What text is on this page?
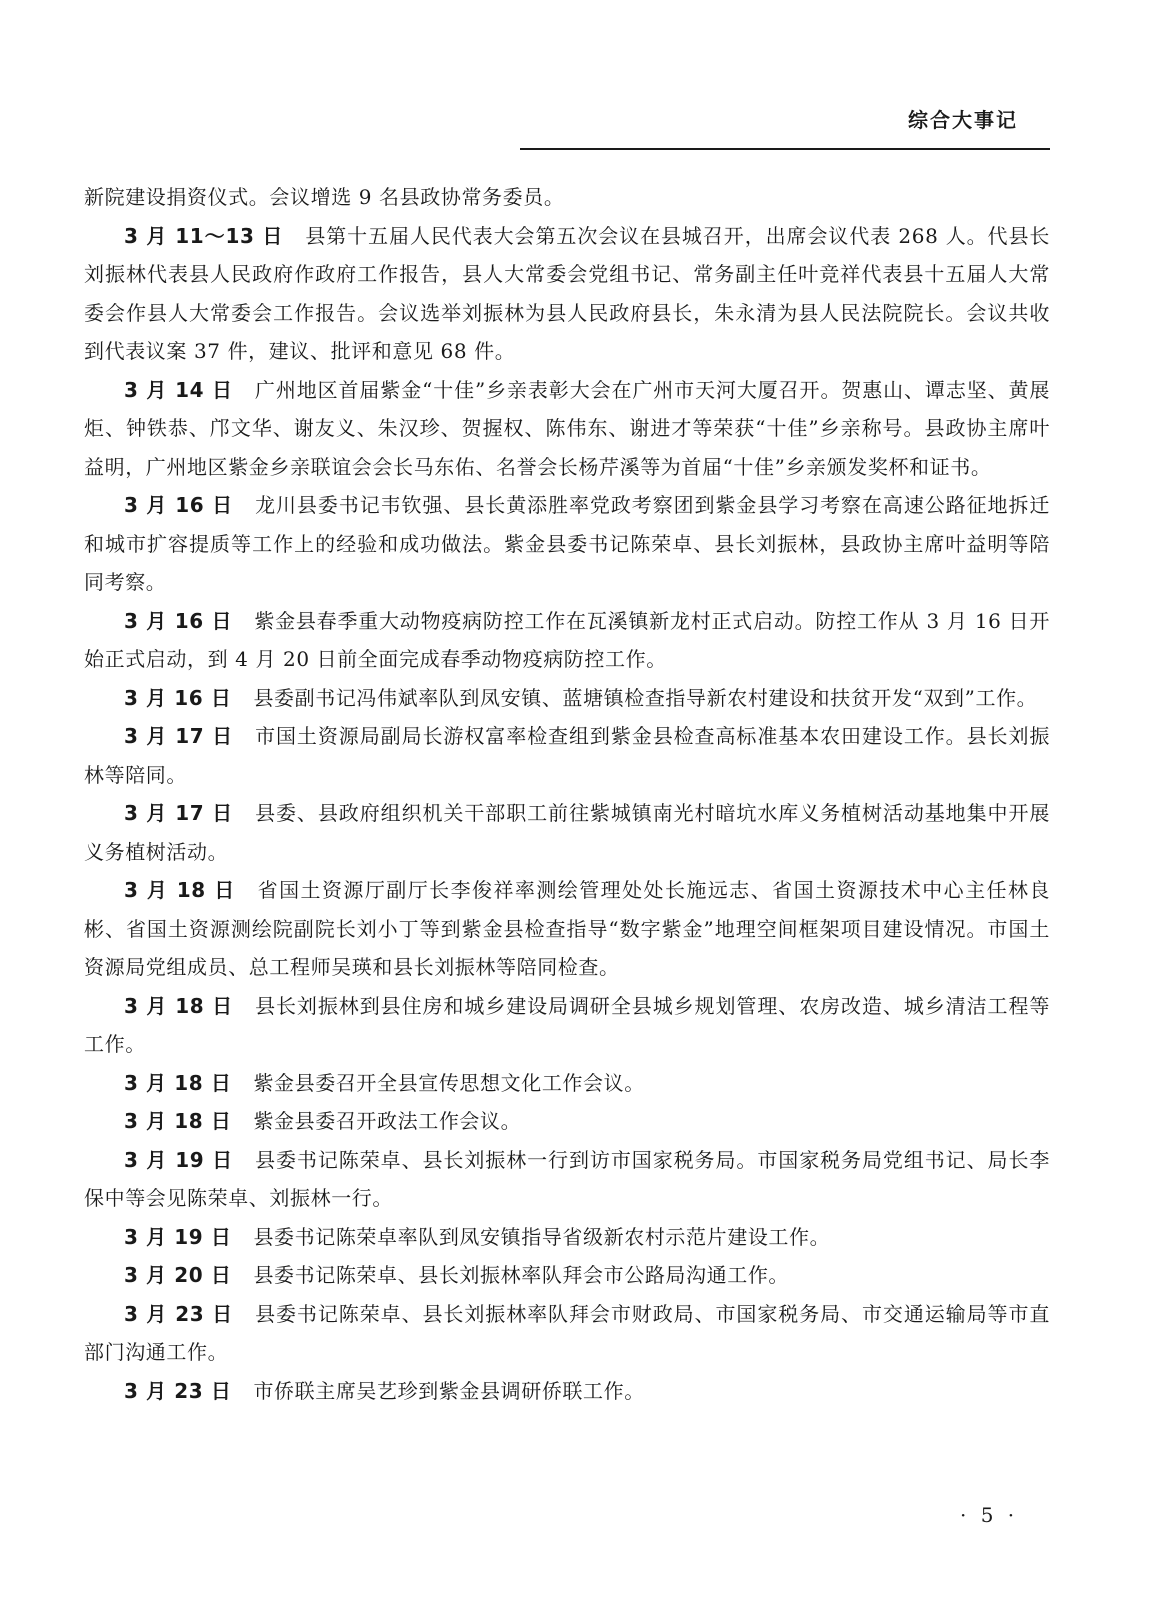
综合大事记

新院建设捐资仪式。会议增选 9 名县政协常务委员。

3 月 11～13 日 县第十五届人民代表大会第五次会议在县城召开，出席会议代表 268 人。代县长刘振林代表县人民政府作政府工作报告，县人大常委会党组书记、常务副主任叶竞祥代表县十五届人大常委会作县人大常委会工作报告。会议选举刘振林为县人民政府县长，朱永清为县人民法院院长。会议共收到代表议案 37 件，建议、批评和意见 68 件。

3 月 14 日 广州地区首届紫金“十佳”乡亲表彰大会在广州市天河大厦召开。贺惠山、谭志坚、黄展炬、钟铁恭、邝文华、谢友义、朱汉珍、贺握权、陈伟东、谢进才等荣获“十佳”乡亲称号。县政协主席叶益明，广州地区紫金乡亲联谊会会长马东佑、名誉会长杨芹溪等为首届“十佳”乡亲颁发奖杯和证书。

3 月 16 日 龙川县委书记韦钦强、县长黄添胜率党政考察团到紫金县学习考察在高速公路征地拆迁和城市扩容提质等工作上的经验和成功做法。紫金县委书记陈荣卓、县长刘振林，县政协主席叶益明等陪同考察。

3 月 16 日 紫金县春季重大动物疫病防控工作在瓦溪镇新龙村正式启动。防控工作从 3 月 16 日开始正式启动，到 4 月 20 日前全面完成春季动物疫病防控工作。

3 月 16 日 县委副书记冯伟斌率队到凤安镇、蓝塘镇检查指导新农村建设和扶贫开发“双到”工作。

3 月 17 日 市国土资源局副局长游权富率检查组到紫金县检查高标准基本农田建设工作。县长刘振林等陪同。

3 月 17 日 县委、县政府组织机关干部职工前往紫城镇南光村暗坑水库义务植树活动基地集中开展义务植树活动。

3 月 18 日 省国土资源厅副厅长李俊祥率测绘管理处处长施远志、省国土资源技术中心主任林良彬、省国土资源测绘院副院长刘小丁等到紫金县检查指导“数字紫金”地理空间框架项目建设情况。市国土资源局党组成员、总工程师吴瑛和县长刘振林等陪同检查。

3 月 18 日 县长刘振林到县住房和城乡建设局调研全县城乡规划管理、农房改造、城乡清洁工程等工作。

3 月 18 日 紫金县委召开全县宣传思想文化工作会议。

3 月 18 日 紫金县委召开政法工作会议。

3 月 19 日 县委书记陈荣卓、县长刘振林一行到访市国家税务局。市国家税务局党组书记、局长李保中等会见陈荣卓、刘振林一行。

3 月 19 日 县委书记陈荣卓率队到凤安镇指导省级新农村示范片建设工作。

3 月 20 日 县委书记陈荣卓、县长刘振林率队拜会市公路局沟通工作。

3 月 23 日 县委书记陈荣卓、县长刘振林率队拜会市财政局、市国家税务局、市交通运输局等市直部门沟通工作。

3 月 23 日 市侨联主席吴艺珍到紫金县调研侨联工作。

· 5 ·
